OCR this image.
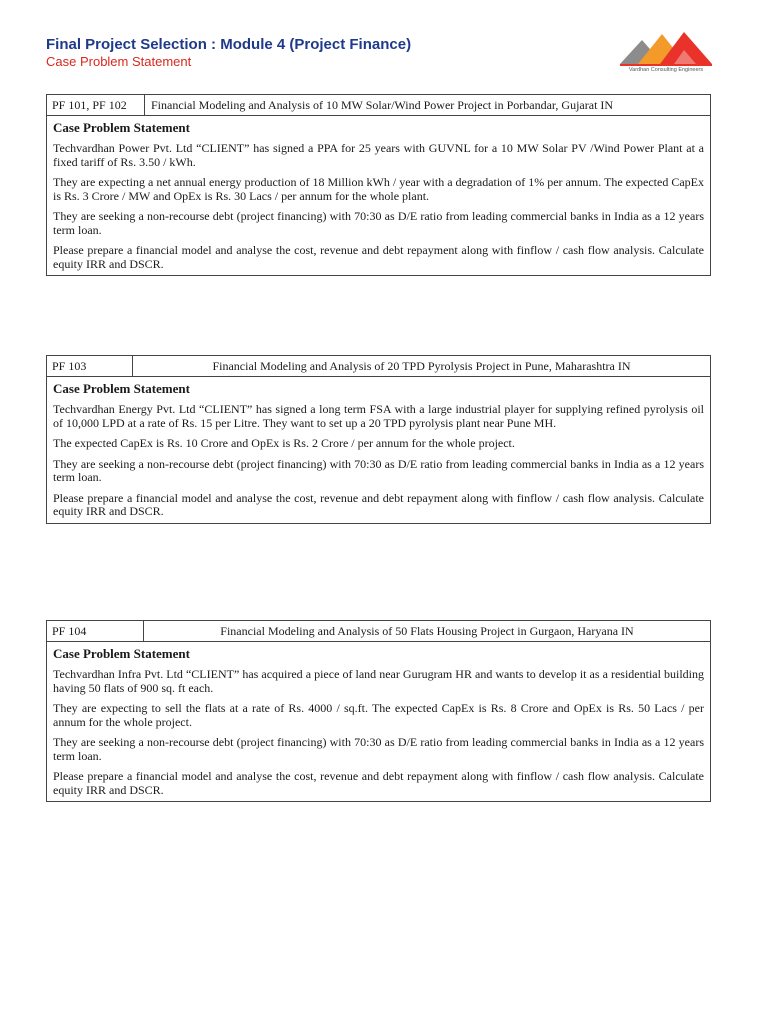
Final Project Selection : Module 4 (Project Finance)
Case Problem Statement
Vardhan Consulting Engineers
PF 101, PF 102	Financial Modeling and Analysis of 10 MW Solar/Wind Power Project in Porbandar, Gujarat IN
Case Problem Statement

Techvardhan Power Pvt. Ltd “CLIENT” has signed a PPA for 25 years with GUVNL for a 10 MW Solar PV /Wind Power Plant at a fixed tariff of Rs. 3.50 / kWh.

They are expecting a net annual energy production of 18 Million kWh / year with a degradation of 1% per annum. The expected CapEx is Rs. 3 Crore / MW and OpEx is Rs. 30 Lacs / per annum for the whole plant.

They are seeking a non-recourse debt (project financing) with 70:30 as D/E ratio from leading commercial banks in India as a 12 years term loan.

Please prepare a financial model and analyse the cost, revenue and debt repayment along with finflow / cash flow analysis. Calculate equity IRR and DSCR.

PF 103	Financial Modeling and Analysis of 20 TPD Pyrolysis Project in Pune, Maharashtra IN
Case Problem Statement

Techvardhan Energy Pvt. Ltd “CLIENT” has signed a long term FSA with a large industrial player for supplying refined pyrolysis oil of 10,000 LPD at a rate of Rs. 15 per Litre. They want to set up a 20 TPD pyrolysis plant near Pune MH.

The expected CapEx is Rs. 10 Crore and OpEx is Rs. 2 Crore / per annum for the whole project.

They are seeking a non-recourse debt (project financing) with 70:30 as D/E ratio from leading commercial banks in India as a 12 years term loan.

Please prepare a financial model and analyse the cost, revenue and debt repayment along with finflow / cash flow analysis. Calculate equity IRR and DSCR.

PF 104	Financial Modeling and Analysis of 50 Flats Housing Project in Gurgaon, Haryana IN
Case Problem Statement

Techvardhan Infra Pvt. Ltd “CLIENT” has acquired a piece of land near Gurugram HR and wants to develop it as a residential building having 50 flats of 900 sq. ft each.

They are expecting to sell the flats at a rate of Rs. 4000 / sq.ft. The expected CapEx is Rs. 8 Crore and OpEx is Rs. 50 Lacs / per annum for the whole project.

They are seeking a non-recourse debt (project financing) with 70:30 as D/E ratio from leading commercial banks in India as a 12 years term loan.

Please prepare a financial model and analyse the cost, revenue and debt repayment along with finflow / cash flow analysis. Calculate equity IRR and DSCR.
